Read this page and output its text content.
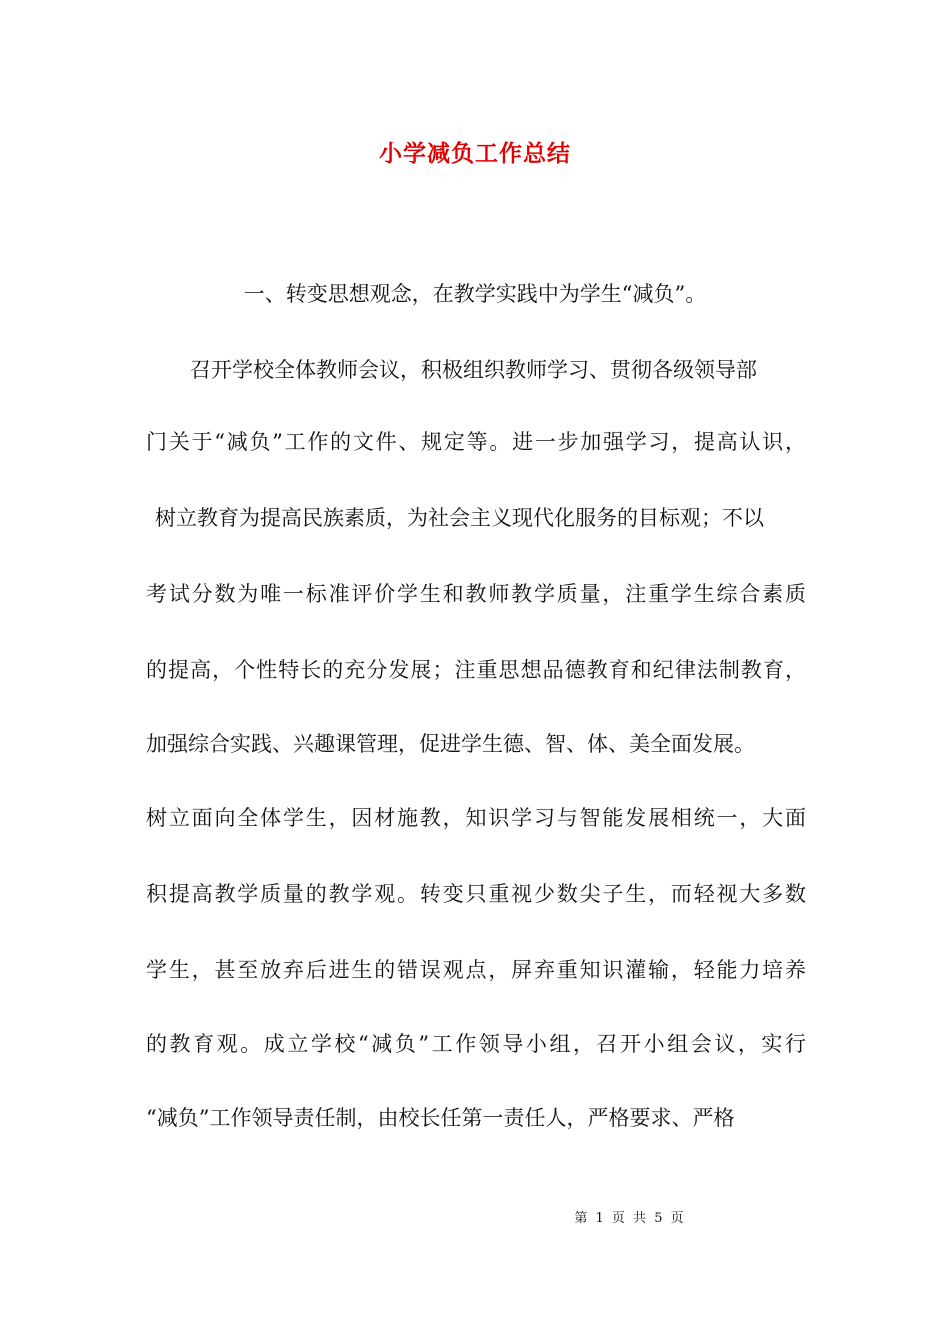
小学减负工作总结
一、转变思想观念，在教学实践中为学生“减负”。
召开学校全体教师会议，积极组织教师学习、贯彻各级领导部
门关于“减负”工作的文件、规定等。进一步加强学习，提高认识，
树立教育为提高民族素质，为社会主义现代化服务的目标观；不以
考试分数为唯一标准评价学生和教师教学质量，注重学生综合素质
的提高，个性特长的充分发展；注重思想品德教育和纪律法制教育，
加强综合实践、兴趣课管理，促进学生德、智、体、美全面发展。
树立面向全体学生，因材施教，知识学习与智能发展相统一，大面
积提高教学质量的教学观。转变只重视少数尖子生，而轻视大多数
学生，甚至放弃后进生的错误观点，屏弃重知识灌输，轻能力培养
的教育观。成立学校“减负”工作领导小组，召开小组会议，实行
“减负”工作领导责任制，由校长任第一责任人，严格要求、严格
第 1 页 共 5 页
